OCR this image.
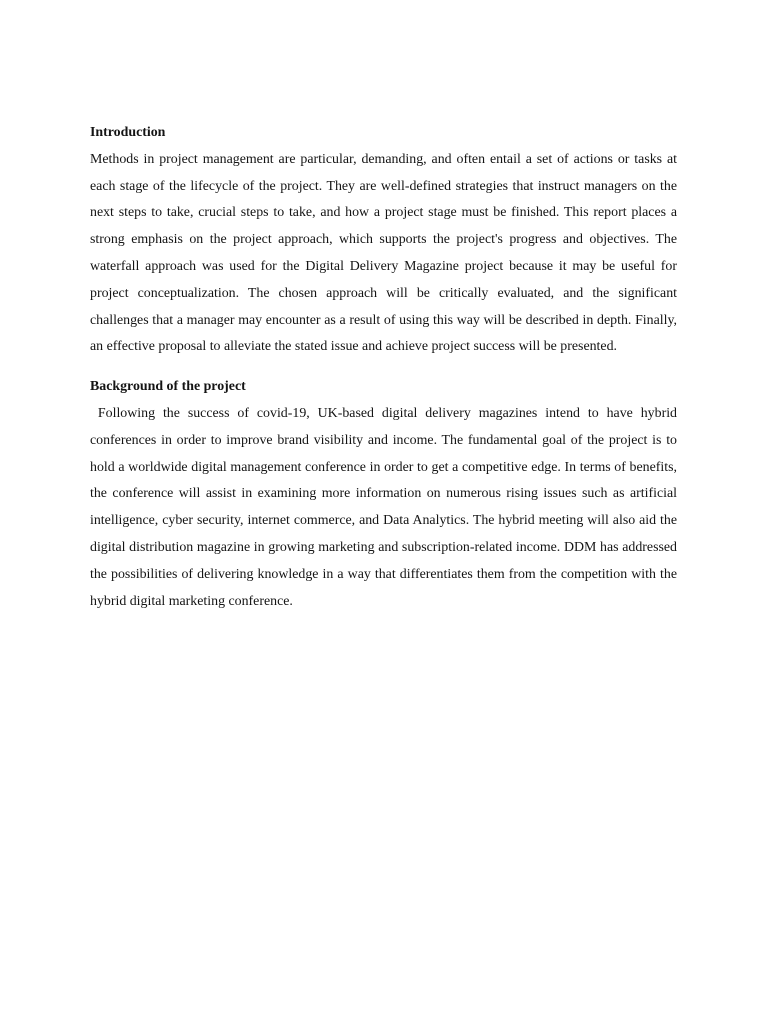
Introduction

Methods in project management are particular, demanding, and often entail a set of actions or tasks at each stage of the lifecycle of the project. They are well-defined strategies that instruct managers on the next steps to take, crucial steps to take, and how a project stage must be finished. This report places a strong emphasis on the project approach, which supports the project's progress and objectives. The waterfall approach was used for the Digital Delivery Magazine project because it may be useful for project conceptualization. The chosen approach will be critically evaluated, and the significant challenges that a manager may encounter as a result of using this way will be described in depth. Finally, an effective proposal to alleviate the stated issue and achieve project success will be presented.

Background of the project

Following the success of covid-19, UK-based digital delivery magazines intend to have hybrid conferences in order to improve brand visibility and income. The fundamental goal of the project is to hold a worldwide digital management conference in order to get a competitive edge. In terms of benefits, the conference will assist in examining more information on numerous rising issues such as artificial intelligence, cyber security, internet commerce, and Data Analytics. The hybrid meeting will also aid the digital distribution magazine in growing marketing and subscription-related income. DDM has addressed the possibilities of delivering knowledge in a way that differentiates them from the competition with the hybrid digital marketing conference.
